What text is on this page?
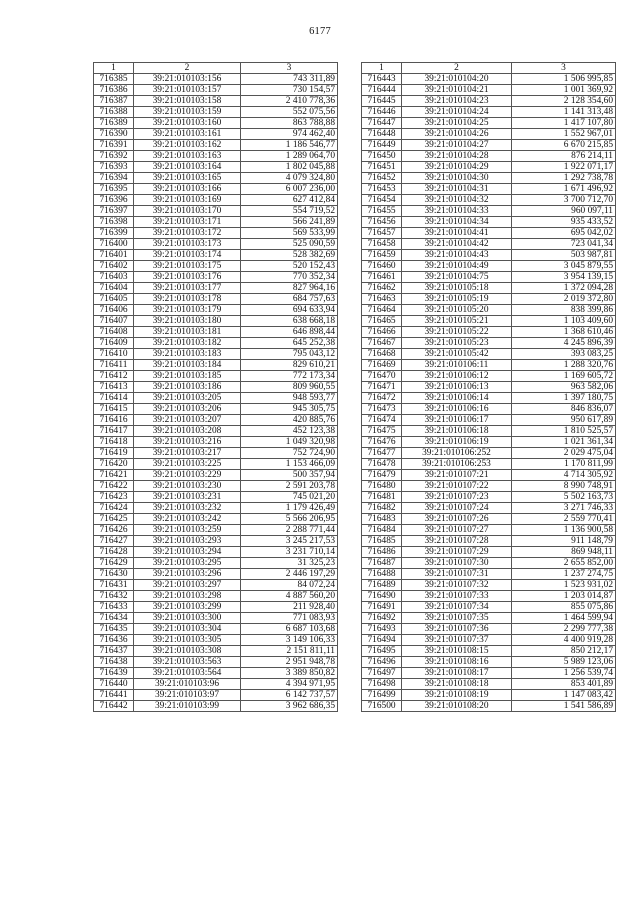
6177
1	2	3
716385	39:21:010103:156	743 311,89
716386	39:21:010103:157	730 154,57
716387	39:21:010103:158	2 410 778,36
716388	39:21:010103:159	552 075,56
716389	39:21:010103:160	863 788,88
716390	39:21:010103:161	974 462,40
716391	39:21:010103:162	1 186 546,77
716392	39:21:010103:163	1 289 064,70
716393	39:21:010103:164	1 802 045,88
716394	39:21:010103:165	4 079 324,80
716395	39:21:010103:166	6 007 236,00
716396	39:21:010103:169	627 412,84
716397	39:21:010103:170	554 719,52
716398	39:21:010103:171	566 241,89
716399	39:21:010103:172	569 533,99
716400	39:21:010103:173	525 090,59
716401	39:21:010103:174	528 382,69
716402	39:21:010103:175	520 152,43
716403	39:21:010103:176	770 352,34
716404	39:21:010103:177	827 964,16
716405	39:21:010103:178	684 757,63
716406	39:21:010103:179	694 633,94
716407	39:21:010103:180	638 668,18
716408	39:21:010103:181	646 898,44
716409	39:21:010103:182	645 252,38
716410	39:21:010103:183	795 043,12
716411	39:21:010103:184	829 610,21
716412	39:21:010103:185	772 173,34
716413	39:21:010103:186	809 960,55
716414	39:21:010103:205	948 593,77
716415	39:21:010103:206	945 305,75
716416	39:21:010103:207	420 885,76
716417	39:21:010103:208	452 123,38
716418	39:21:010103:216	1 049 320,98
716419	39:21:010103:217	752 724,90
716420	39:21:010103:225	1 153 466,09
716421	39:21:010103:229	500 357,94
716422	39:21:010103:230	2 591 203,78
716423	39:21:010103:231	745 021,20
716424	39:21:010103:232	1 179 426,49
716425	39:21:010103:242	5 566 206,95
716426	39:21:010103:259	2 288 771,44
716427	39:21:010103:293	3 245 217,53
716428	39:21:010103:294	3 231 710,14
716429	39:21:010103:295	31 325,23
716430	39:21:010103:296	2 446 197,29
716431	39:21:010103:297	84 072,24
716432	39:21:010103:298	4 887 560,20
716433	39:21:010103:299	211 928,40
716434	39:21:010103:300	771 083,93
716435	39:21:010103:304	6 687 103,68
716436	39:21:010103:305	3 149 106,33
716437	39:21:010103:308	2 151 811,11
716438	39:21:010103:563	2 951 948,78
716439	39:21:010103:564	3 389 850,82
716440	39:21:010103:96	4 394 971,95
716441	39:21:010103:97	6 142 737,57
716442	39:21:010103:99	3 962 686,35
1	2	3
716443	39:21:010104:20	1 506 995,85
716444	39:21:010104:21	1 001 369,92
716445	39:21:010104:23	2 128 354,60
716446	39:21:010104:24	1 141 313,48
716447	39:21:010104:25	1 417 107,80
716448	39:21:010104:26	1 552 967,01
716449	39:21:010104:27	6 670 215,85
716450	39:21:010104:28	876 214,11
716451	39:21:010104:29	1 922 071,17
716452	39:21:010104:30	1 292 738,78
716453	39:21:010104:31	1 671 496,92
716454	39:21:010104:32	3 700 712,70
716455	39:21:010104:33	960 097,11
716456	39:21:010104:34	935 433,52
716457	39:21:010104:41	695 042,02
716458	39:21:010104:42	723 041,34
716459	39:21:010104:43	503 987,81
716460	39:21:010104:49	3 045 879,55
716461	39:21:010104:75	3 954 139,15
716462	39:21:010105:18	1 372 094,28
716463	39:21:010105:19	2 019 372,80
716464	39:21:010105:20	838 399,86
716465	39:21:010105:21	1 103 409,60
716466	39:21:010105:22	1 368 610,46
716467	39:21:010105:23	4 245 896,39
716468	39:21:010105:42	393 083,25
716469	39:21:010106:11	1 288 320,76
716470	39:21:010106:12	1 169 605,72
716471	39:21:010106:13	963 582,06
716472	39:21:010106:14	1 397 180,75
716473	39:21:010106:16	846 836,07
716474	39:21:010106:17	950 617,89
716475	39:21:010106:18	1 810 525,57
716476	39:21:010106:19	1 021 361,34
716477	39:21:010106:252	2 029 475,04
716478	39:21:010106:253	1 170 811,99
716479	39:21:010107:21	4 714 305,92
716480	39:21:010107:22	8 990 748,91
716481	39:21:010107:23	5 502 163,73
716482	39:21:010107:24	3 271 746,33
716483	39:21:010107:26	2 559 770,41
716484	39:21:010107:27	1 136 900,58
716485	39:21:010107:28	911 148,79
716486	39:21:010107:29	869 948,11
716487	39:21:010107:30	2 655 852,00
716488	39:21:010107:31	1 237 274,75
716489	39:21:010107:32	1 523 931,02
716490	39:21:010107:33	1 203 014,87
716491	39:21:010107:34	855 075,86
716492	39:21:010107:35	1 464 599,94
716493	39:21:010107:36	2 299 777,38
716494	39:21:010107:37	4 400 919,28
716495	39:21:010108:15	850 212,17
716496	39:21:010108:16	5 989 123,06
716497	39:21:010108:17	1 256 539,74
716498	39:21:010108:18	853 401,89
716499	39:21:010108:19	1 147 083,42
716500	39:21:010108:20	1 541 586,89
